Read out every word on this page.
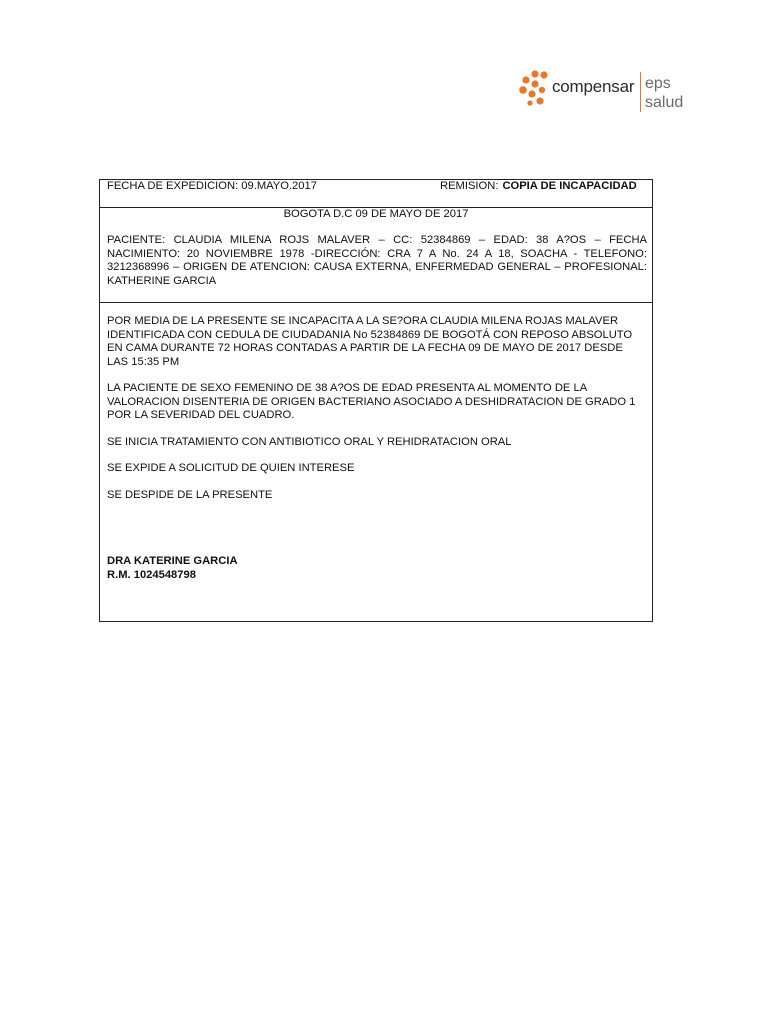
compensar eps
salud
FECHA DE EXPEDICION: 09.MAYO.2017	REMISION: COPIA DE INCAPACIDAD
BOGOTA D.C 09 DE MAYO DE 2017
PACIENTE: CLAUDIA MILENA ROJS MALAVER – CC: 52384869 – EDAD: 38 A?OS – FECHA NACIMIENTO: 20 NOVIEMBRE 1978 -DIRECCIÓN: CRA 7 A No. 24 A 18, SOACHA - TELEFONO: 3212368996 – ORIGEN DE ATENCION: CAUSA EXTERNA, ENFERMEDAD GENERAL – PROFESIONAL: KATHERINE GARCIA

POR MEDIA DE LA PRESENTE SE INCAPACITA A LA SE?ORA CLAUDIA MILENA ROJAS MALAVER IDENTIFICADA CON CEDULA DE CIUDADANIA No 52384869 DE BOGOTÁ CON REPOSO ABSOLUTO EN CAMA DURANTE 72 HORAS CONTADAS A PARTIR DE LA FECHA 09 DE MAYO DE 2017 DESDE LAS 15:35 PM

LA PACIENTE DE SEXO FEMENINO DE 38 A?OS DE EDAD PRESENTA AL MOMENTO DE LA VALORACION DISENTERIA DE ORIGEN BACTERIANO ASOCIADO A DESHIDRATACION DE GRADO 1 POR LA SEVERIDAD DEL CUADRO.

SE INICIA TRATAMIENTO CON ANTIBIOTICO ORAL Y REHIDRATACION ORAL

SE EXPIDE A SOLICITUD DE QUIEN INTERESE

SE DESPIDE DE LA PRESENTE

DRA KATERINE GARCIA
R.M. 1024548798
